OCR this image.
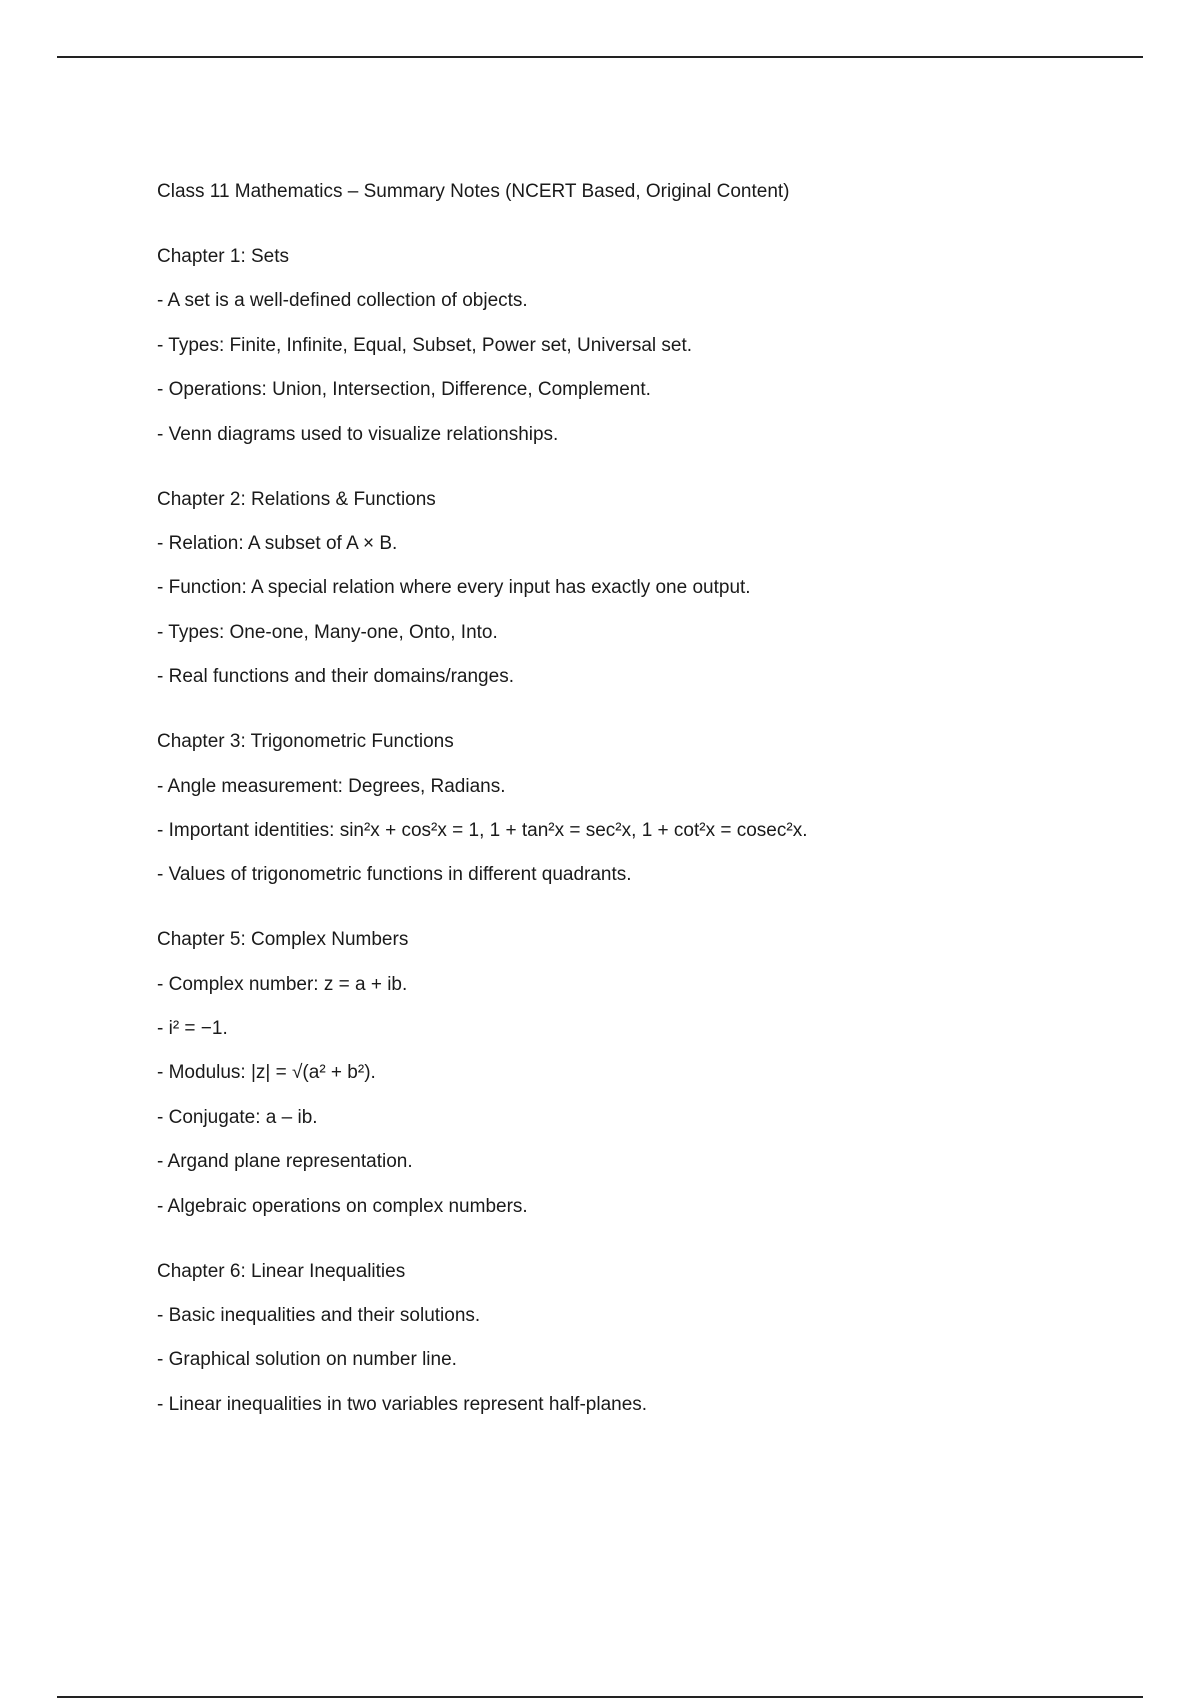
Class 11 Mathematics – Summary Notes (NCERT Based, Original Content)
Chapter 1: Sets
- A set is a well-defined collection of objects.
- Types: Finite, Infinite, Equal, Subset, Power set, Universal set.
- Operations: Union, Intersection, Difference, Complement.
- Venn diagrams used to visualize relationships.
Chapter 2: Relations & Functions
- Relation: A subset of A × B.
- Function: A special relation where every input has exactly one output.
- Types: One-one, Many-one, Onto, Into.
- Real functions and their domains/ranges.
Chapter 3: Trigonometric Functions
- Angle measurement: Degrees, Radians.
- Important identities: sin²x + cos²x = 1, 1 + tan²x = sec²x, 1 + cot²x = cosec²x.
- Values of trigonometric functions in different quadrants.
Chapter 5: Complex Numbers
- Complex number: z = a + ib.
- i² = −1.
- Modulus: |z| = √(a² + b²).
- Conjugate: a – ib.
- Argand plane representation.
- Algebraic operations on complex numbers.
Chapter 6: Linear Inequalities
- Basic inequalities and their solutions.
- Graphical solution on number line.
- Linear inequalities in two variables represent half-planes.
